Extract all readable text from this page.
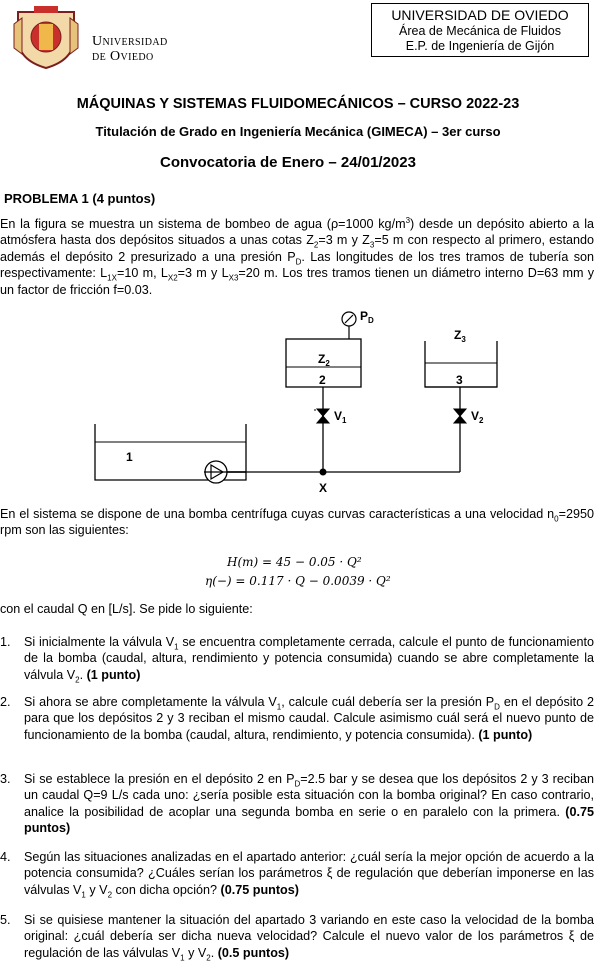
Universidad
de Oviedo
UNIVERSIDAD DE OVIEDO
Área de Mecánica de Fluidos
E.P. de Ingeniería de Gijón
MÁQUINAS Y SISTEMAS FLUIDOMECÁNICOS – CURSO 2022-23
Titulación de Grado en Ingeniería Mecánica (GIMECA) – 3er curso
Convocatoria de Enero – 24/01/2023
PROBLEMA 1 (4 puntos)
En la figura se muestra un sistema de bombeo de agua (ρ=1000 $kg/m^3$) desde un depósito abierto a la atmósfera hasta dos depósitos situados a unas cotas $Z_2=3$ m y $Z_3=5$ m con respecto al primero, estando además el depósito 2 presurizado a una presión $P_D$. Las longitudes de los tres tramos de tubería son respectivamente: $L_{1X}=10$ m, $L_{X2}=3$ m y $L_{X3}=20$ m. Los tres tramos tienen un diámetro interno D=63 mm y un factor de fricción f=0.03.
1
X
$Z_2$
2
$P_D$
$Z_3$
3
$V_1$	$V_2$
En el sistema se dispone de una bomba centrífuga cuyas curvas características a una velocidad $n_0=2950$ rpm son las siguientes:
H(m) = 45 − 0.05 · Q²
η(−) = 0.117 · Q − 0.0039 · Q²
con el caudal Q en [L/s]. Se pide lo siguiente:
1. Si inicialmente la válvula $V_1$ se encuentra completamente cerrada, calcule el punto de funcionamiento de la bomba (caudal, altura, rendimiento y potencia consumida) cuando se abre completamente la válvula $V_2$. (1 punto)
2. Si ahora se abre completamente la válvula $V_1$, calcule cuál debería ser la presión $P_D$ en el depósito 2 para que los depósitos 2 y 3 reciban el mismo caudal. Calcule asimismo cuál será el nuevo punto de funcionamiento de la bomba (caudal, altura, rendimiento, y potencia consumida). (1 punto)
3. Si se establece la presión en el depósito 2 en $P_D=2.5$ bar y se desea que los depósitos 2 y 3 reciban un caudal Q=9 L/s cada uno: ¿sería posible esta situación con la bomba original? En caso contrario, analice la posibilidad de acoplar una segunda bomba en serie o en paralelo con la primera. (0.75 puntos)
4. Según las situaciones analizadas en el apartado anterior: ¿cuál sería la mejor opción de acuerdo a la potencia consumida? ¿Cuáles serían los parámetros ξ de regulación que deberían imponerse en las válvulas $V_1$ y $V_2$ con dicha opción? (0.75 puntos)
5. Si se quisiese mantener la situación del apartado 3 variando en este caso la velocidad de la bomba original: ¿cuál debería ser dicha nueva velocidad? Calcule el nuevo valor de los parámetros ξ de regulación de las válvulas $V_1$ y $V_2$. (0.5 puntos)
